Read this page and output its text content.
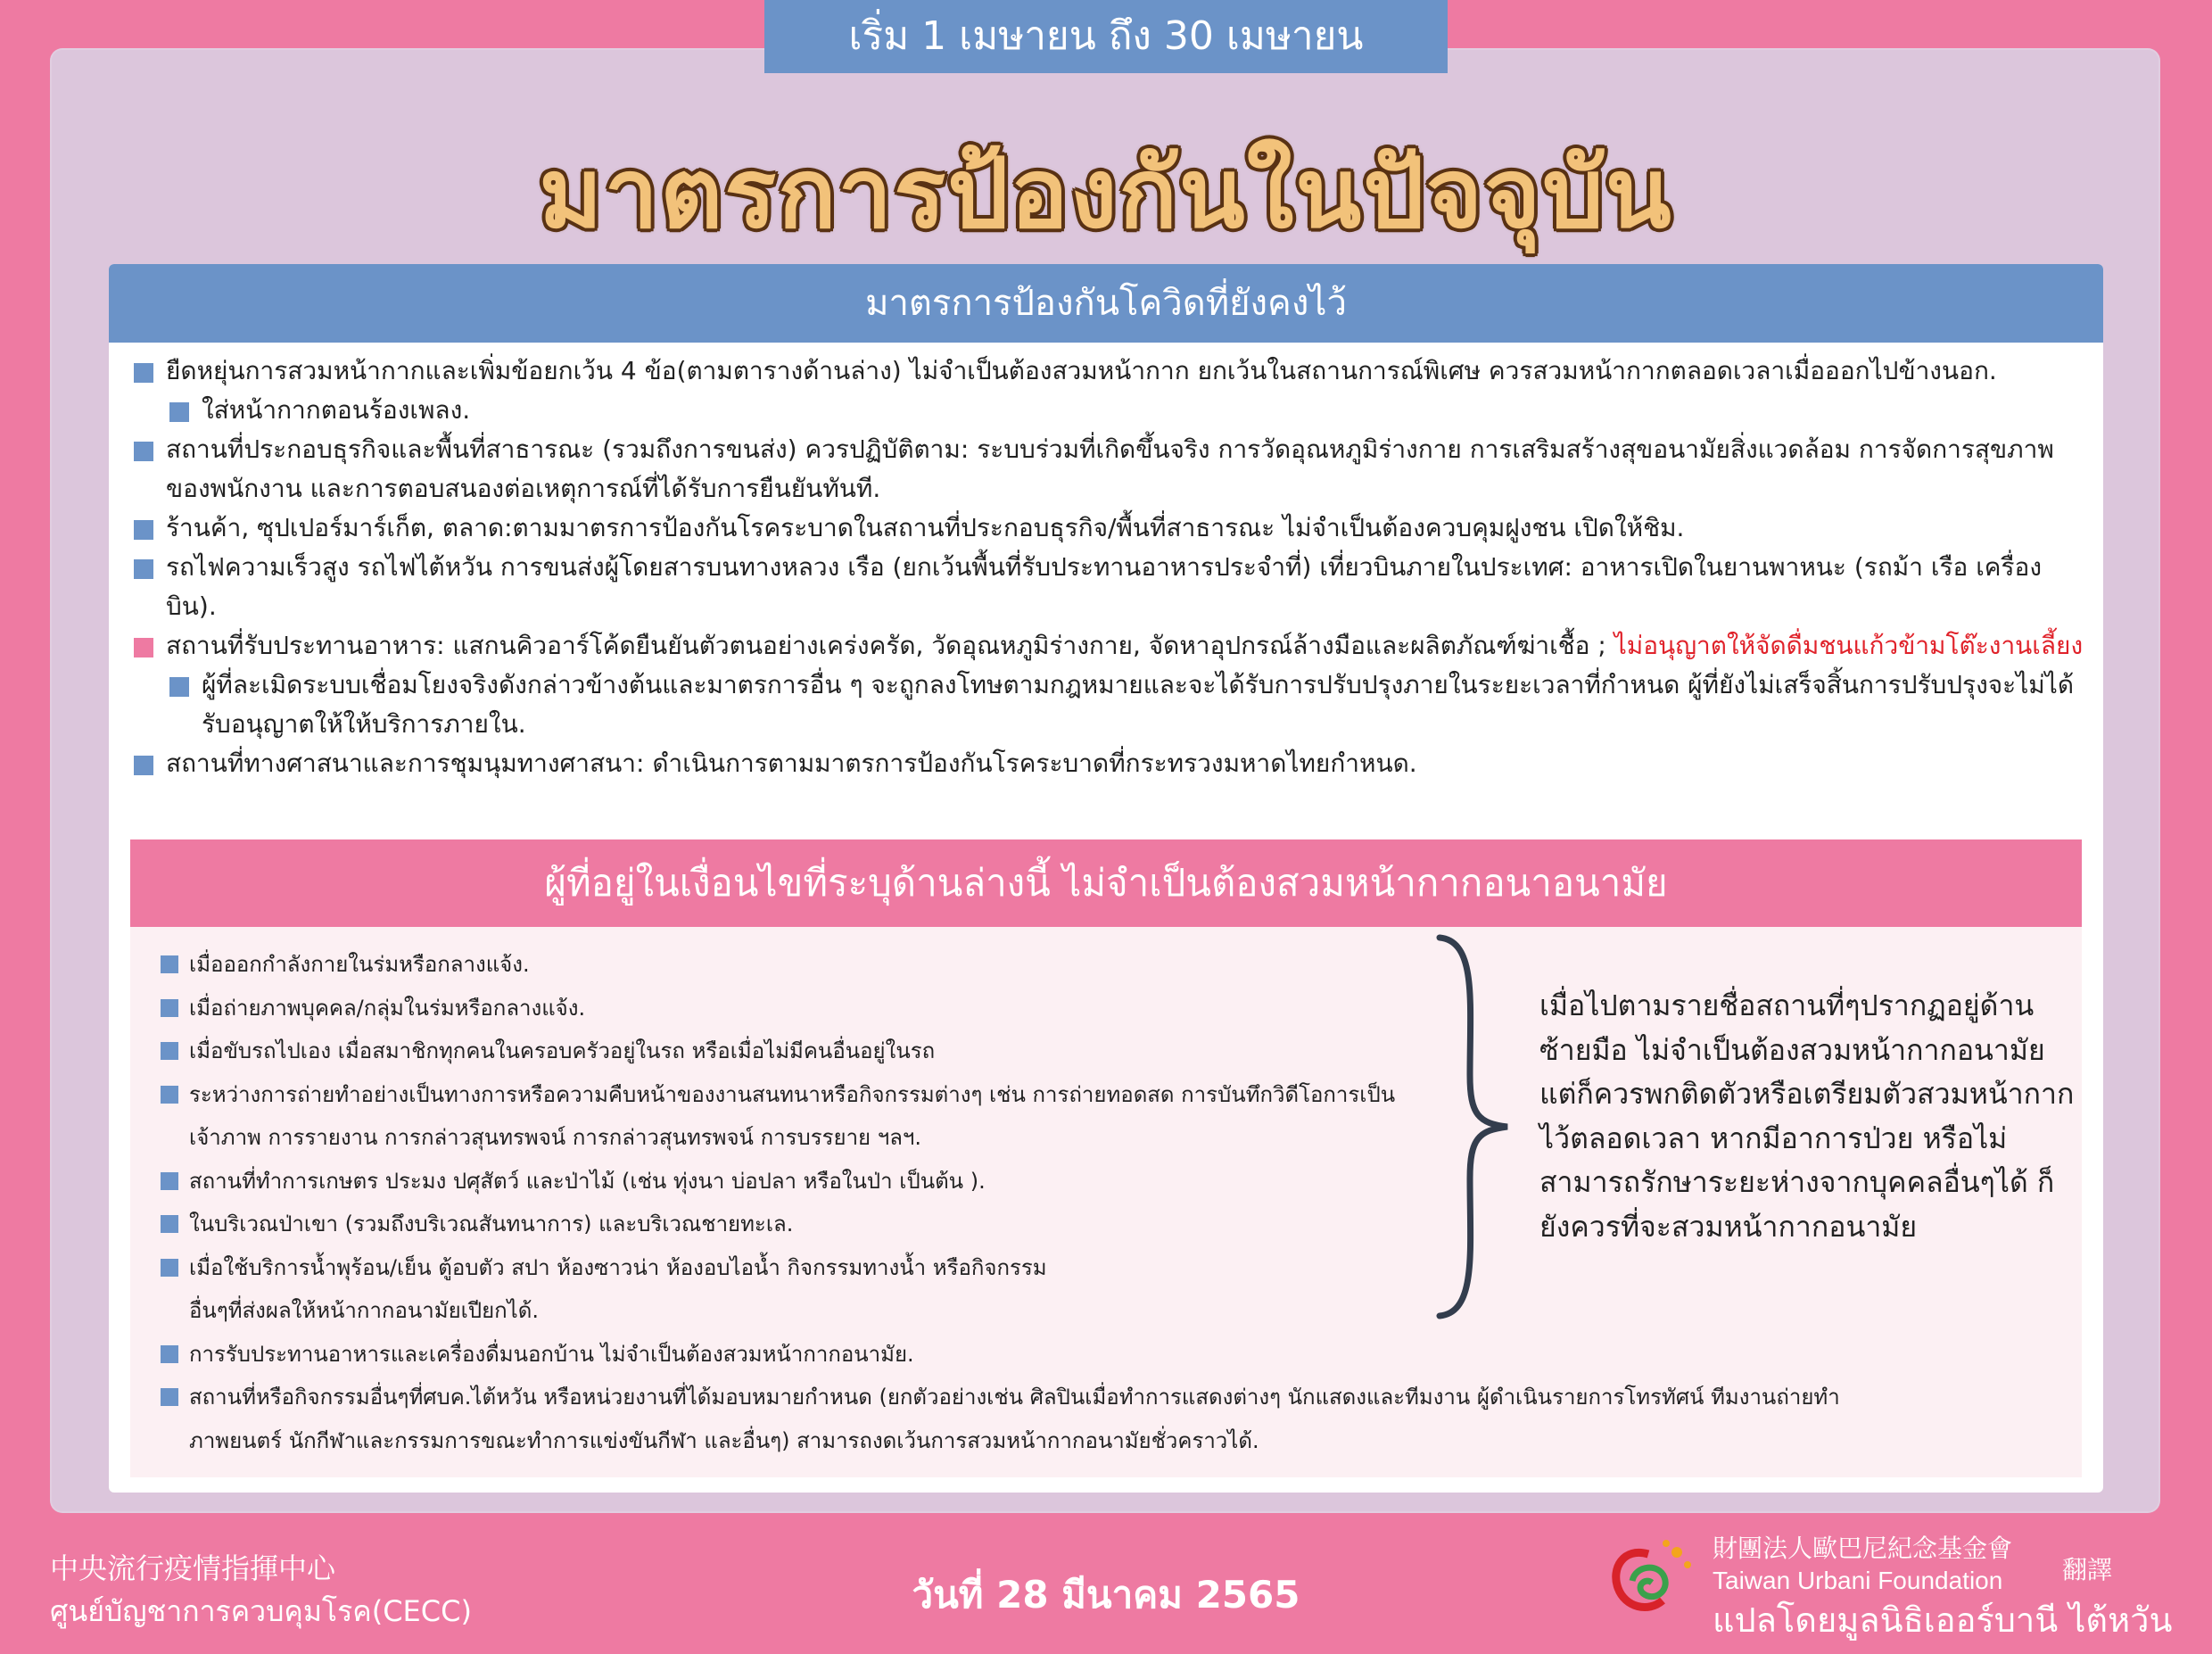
เริ่ม 1 เมษายน ถึง 30 เมษายน
มาตรการป้องกันในปัจจุบัน
มาตรการป้องกันโควิดที่ยังคงไว้
ยืดหยุ่นการสวมหน้ากากและเพิ่มข้อยกเว้น 4 ข้อ(ตามตารางด้านล่าง) ไม่จำเป็นต้องสวมหน้ากาก ยกเว้นในสถานการณ์พิเศษ ควรสวมหน้ากากตลอดเวลาเมื่อออกไปข้างนอก.
ใส่หน้ากากตอนร้องเพลง.
สถานที่ประกอบธุรกิจและพื้นที่สาธารณะ (รวมถึงการขนส่ง) ควรปฏิบัติตาม: ระบบร่วมที่เกิดขึ้นจริง การวัดอุณหภูมิร่างกาย การเสริมสร้างสุขอนามัยสิ่งแวดล้อม การจัดการสุขภาพของพนักงาน และการตอบสนองต่อเหตุการณ์ที่ได้รับการยืนยันทันที.
ร้านค้า, ซุปเปอร์มาร์เก็ต, ตลาด:ตามมาตรการป้องกันโรคระบาดในสถานที่ประกอบธุรกิจ/พื้นที่สาธารณะ ไม่จำเป็นต้องควบคุมฝูงชน เปิดให้ชิม.
รถไฟความเร็วสูง รถไฟไต้หวัน การขนส่งผู้โดยสารบนทางหลวง เรือ (ยกเว้นพื้นที่รับประทานอาหารประจำที่) เที่ยวบินภายในประเทศ: อาหารเปิดในยานพาหนะ (รถม้า เรือ เครื่องบิน).
สถานที่รับประทานอาหาร: แสกนคิวอาร์โค้ดยืนยันตัวตนอย่างเคร่งครัด, วัดอุณหภูมิร่างกาย, จัดหาอุปกรณ์ล้างมือและผลิตภัณฑ์ฆ่าเชื้อ ; ไม่อนุญาตให้จัดดื่มชนแก้วข้ามโต๊ะงานเลี้ยง
ผู้ที่ละเมิดระบบเชื่อมโยงจริงดังกล่าวข้างต้นและมาตรการอื่น ๆ จะถูกลงโทษตามกฎหมายและจะได้รับการปรับปรุงภายในระยะเวลาที่กำหนด ผู้ที่ยังไม่เสร็จสิ้นการปรับปรุงจะไม่ได้รับอนุญาตให้ให้บริการภายใน.
สถานที่ทางศาสนาและการชุมนุมทางศาสนา: ดำเนินการตามมาตรการป้องกันโรคระบาดที่กระทรวงมหาดไทยกำหนด.
ผู้ที่อยู่ในเงื่อนไขที่ระบุด้านล่างนี้ ไม่จำเป็นต้องสวมหน้ากากอนาอนามัย
เมื่อออกกำลังกายในร่มหรือกลางแจ้ง.
เมื่อถ่ายภาพบุคคล/กลุ่มในร่มหรือกลางแจ้ง.
เมื่อขับรถไปเอง เมื่อสมาชิกทุกคนในครอบครัวอยู่ในรถ หรือเมื่อไม่มีคนอื่นอยู่ในรถ
ระหว่างการถ่ายทำอย่างเป็นทางการหรือความคืบหน้าของงานสนทนาหรือกิจกรรมต่างๆ เช่น การถ่ายทอดสด การบันทึกวิดีโอการเป็นเจ้าภาพ การรายงาน การกล่าวสุนทรพจน์ การกล่าวสุนทรพจน์ การบรรยาย ฯลฯ.
สถานที่ทำการเกษตร ประมง ปศุสัตว์ และป่าไม้ (เช่น ทุ่งนา บ่อปลา หรือในป่า เป็นต้น ).
ในบริเวณป่าเขา (รวมถึงบริเวณสันทนาการ) และบริเวณชายทะเล.
เมื่อใช้บริการน้ำพุร้อน/เย็น ตู้อบตัว สปา ห้องซาวน่า ห้องอบไอน้ำ กิจกรรมทางน้ำ หรือกิจกรรมอื่นๆที่ส่งผลให้หน้ากากอนามัยเปียกได้.
การรับประทานอาหารและเครื่องดื่มนอกบ้าน ไม่จำเป็นต้องสวมหน้ากากอนามัย.
สถานที่หรือกิจกรรมอื่นๆที่ศบค.ไต้หวัน หรือหน่วยงานที่ได้มอบหมายกำหนด (ยกตัวอย่างเช่น ศิลปินเมื่อทำการแสดงต่างๆ นักแสดงและทีมงาน ผู้ดำเนินรายการโทรทัศน์ ทีมงานถ่ายทำภาพยนตร์ นักกีฬาและกรรมการขณะทำการแข่งขันกีฬา และอื่นๆ) สามารถงดเว้นการสวมหน้ากากอนามัยชั่วคราวได้.
เมื่อไปตามรายชื่อสถานที่ๆปรากฏอยู่ด้านซ้ายมือ ไม่จำเป็นต้องสวมหน้ากากอนามัย แต่ก็ควรพกติดตัวหรือเตรียมตัวสวมหน้ากากไว้ตลอดเวลา หากมีอาการป่วย หรือไม่สามารถรักษาระยะห่างจากบุคคลอื่นๆได้ ก็ยังควรที่จะสวมหน้ากากอนามัย
中央流行疫情指揮中心
ศูนย์บัญชาการควบคุมโรค(CECC)	วันที่ 28 มีนาคม 2565
財團法人歐巴尼紀念基金會
Taiwan Urbani Foundation
แปลโดยมูลนิธิเออร์บานี ไต้หวัน
翻譯
